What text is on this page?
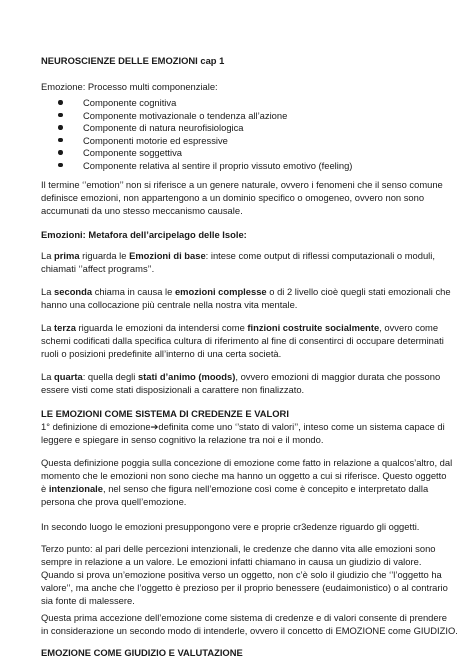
NEUROSCIENZE DELLE EMOZIONI cap 1

Emozione: Processo multi componenziale:

Componente cognitiva
Componente motivazionale o tendenza all’azione
Componente di natura neurofisiologica
Componenti motorie ed espressive
Componente soggettiva
Componente relativa al sentire il proprio vissuto emotivo (feeling)

Il termine ‘’emotion’’ non si riferisce a un genere naturale, ovvero i fenomeni che il senso comune
definisce emozioni, non appartengono a un dominio specifico o omogeneo, ovvero non sono
accumunati da uno stesso meccanismo causale.

Emozioni: Metafora dell’arcipelago delle Isole:

La prima riguarda le Emozioni di base: intese come output di riflessi computazionali o moduli,
chiamati ‘’affect programs’’.

La seconda chiama in causa le emozioni complesse o di 2 livello cioè quegli stati emozionali che
hanno una collocazione più centrale nella nostra vita mentale.

La terza riguarda le emozioni da intendersi come finzioni costruite socialmente, ovvero come
schemi codificati dalla specifica cultura di riferimento al fine di consentirci di occupare determinati
ruoli o posizioni predefinite all’interno di una certa società.

La quarta: quella degli stati d’animo (moods), ovvero emozioni di maggior durata che possono
essere visti come stati disposizionali a carattere non finalizzato.

LE EMOZIONI COME SISTEMA DI CREDENZE E VALORI

1° definizione di emozione➔definita come uno ‘’stato di valori’’, inteso come un sistema capace di
leggere e spiegare in senso cognitivo la relazione tra noi e il mondo.

Questa definizione poggia sulla concezione di emozione come fatto in relazione a qualcos’altro, dal
momento che le emozioni non sono cieche ma hanno un oggetto a cui si riferisce. Questo oggetto
è intenzionale, nel senso che figura nell’emozione così come è concepito e interpretato dalla
persona che prova quell’emozione.

In secondo luogo le emozioni presuppongono vere e proprie cr3edenze riguardo gli oggetti.

Terzo punto: al pari delle percezioni intenzionali, le credenze che danno vita alle emozioni sono
sempre in relazione a un valore. Le emozioni infatti chiamano in causa un giudizio di valore.
Quando si prova un’emozione positiva verso un oggetto, non c’è solo il giudizio che ‘’l’oggetto ha
valore’’, ma anche che l’oggetto è prezioso per il proprio benessere (eudaimonistico) o al contrario
sia fonte di malessere.

Questa prima accezione dell’emozione come sistema di credenze e di valori consente di prendere
in considerazione un secondo modo di intenderle, ovvero il concetto di EMOZIONE come GIUDIZIO.

EMOZIONE COME GIUDIZIO E VALUTAZIONE
